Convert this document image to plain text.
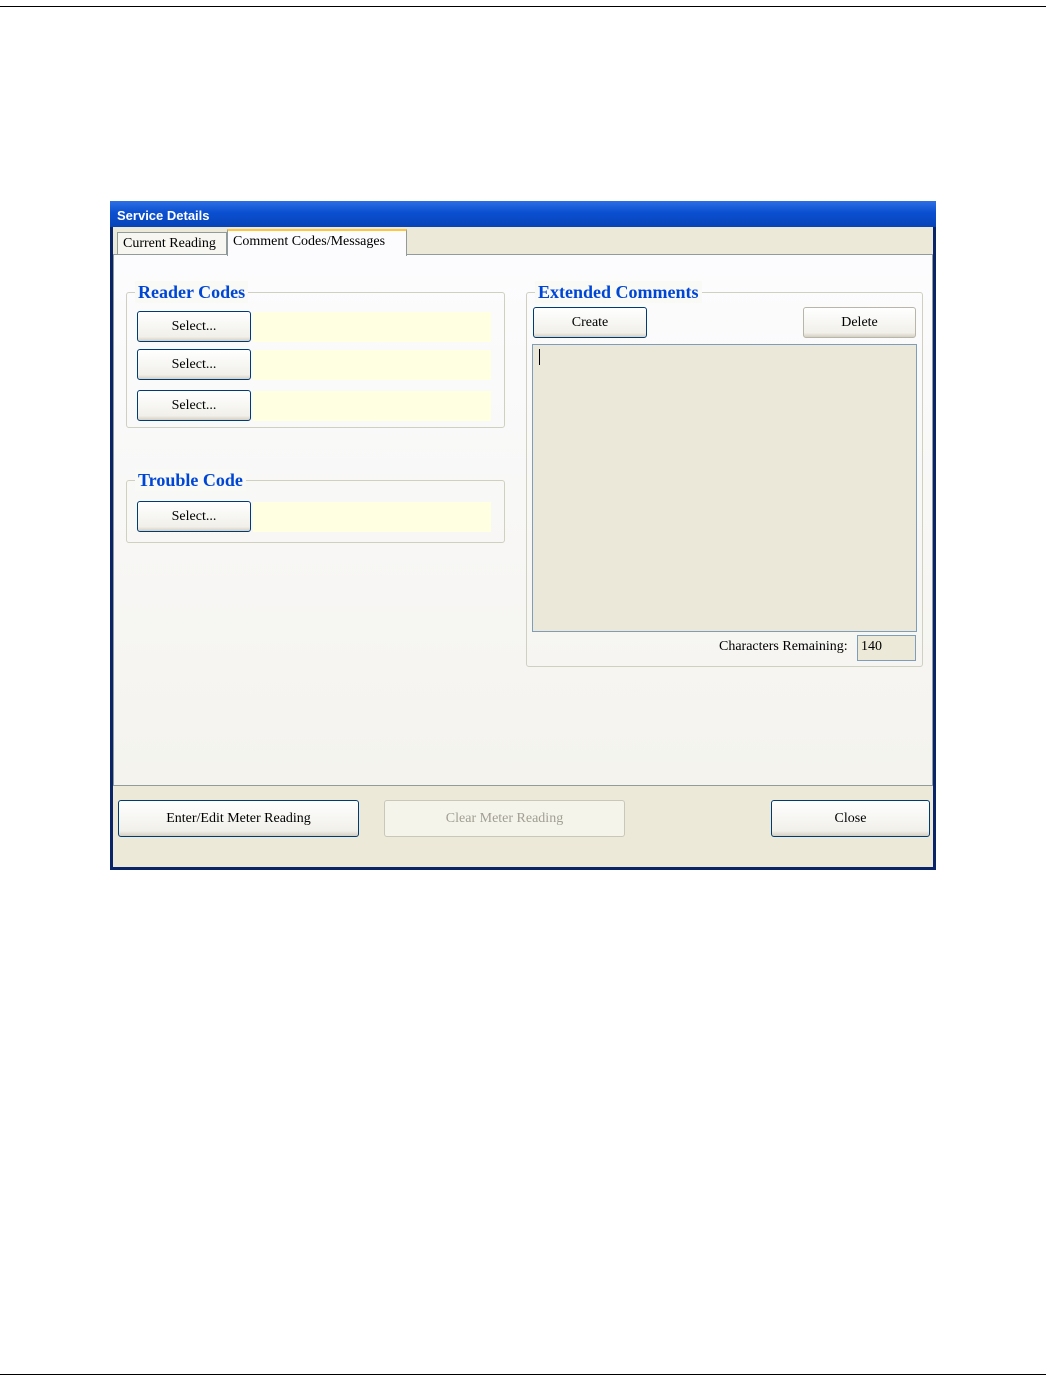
Service Details
Current Reading	Comment Codes/Messages
Reader Codes
Select...
Select...
Select...
Trouble Code
Select...
Extended Comments
Create	Delete
Characters Remaining: 140
Enter/Edit Meter Reading	Clear Meter Reading	Close
